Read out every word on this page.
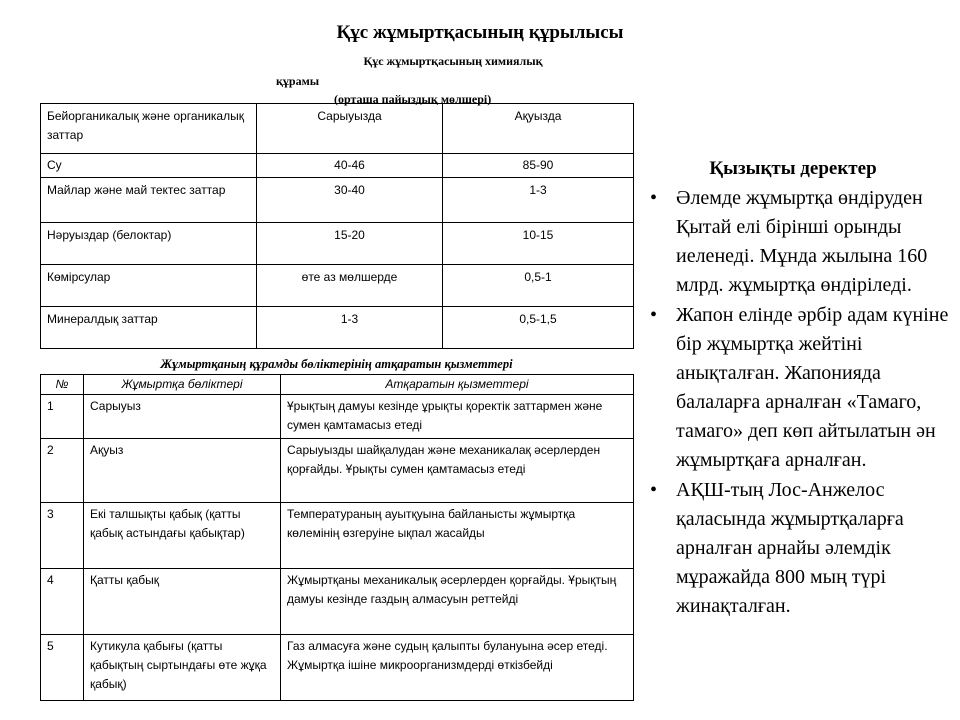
Құс жұмыртқасының құрылысы
Құс жұмыртқасының химиялық
құрамы
(орташа пайыздық мөлшері)
Бейорганикалық және органикалық заттар	Сарыуызда	Ақуызда
Су	40-46	85-90
Майлар және май тектес заттар	30-40	1-3
Нәруыздар (белоктар)	15-20	10-15
Көмірсулар	өте аз мөлшерде	0,5-1
Минералдық заттар	1-3	0,5-1,5
Жұмыртқаның құрамды бөліктерінің атқаратын қызметтері
№	Жұмыртқа бөліктері	Атқаратын қызметтері
1	Сарыуыз	Ұрықтың дамуы кезінде ұрықты қоректік заттармен және сумен қамтамасыз етеді
2	Ақуыз	Сарыуызды шайқалудан және механикалақ әсерлерден қорғайды. Ұрықты сумен қамтамасыз етеді
3	Екі талшықты қабық (қатты қабық астындағы қабықтар)	Температураның ауытқуына байланысты жұмыртқа көлемінің өзгеруіне ықпал жасайды
4	Қатты қабық	Жұмыртқаны механикалық әсерлерден қорғайды. Ұрықтың дамуы кезінде газдың алмасуын реттейді
5	Кутикула қабығы (қатты қабықтың сыртындағы өте жұқа қабық)	Газ алмасуға және судың қалыпты булануына әсер етеді. Жұмыртқа ішіне микроорганизмдерді өткізбейді
Қызықты деректер
• Әлемде жұмыртқа өндіруден Қытай елі бірінші орынды иеленеді. Мұнда жылына 160 млрд. жұмыртқа өндіріледі.
• Жапон елінде әрбір адам күніне бір жұмыртқа жейтіні анықталған. Жапонияда балаларға арналған «Тамаго, тамаго» деп көп айтылатын ән жұмыртқаға арналған.
• АҚШ-тың Лос-Анжелос қаласында жұмыртқаларға арналған арнайы әлемдік мұражайда 800 мың түрі жинақталған.
